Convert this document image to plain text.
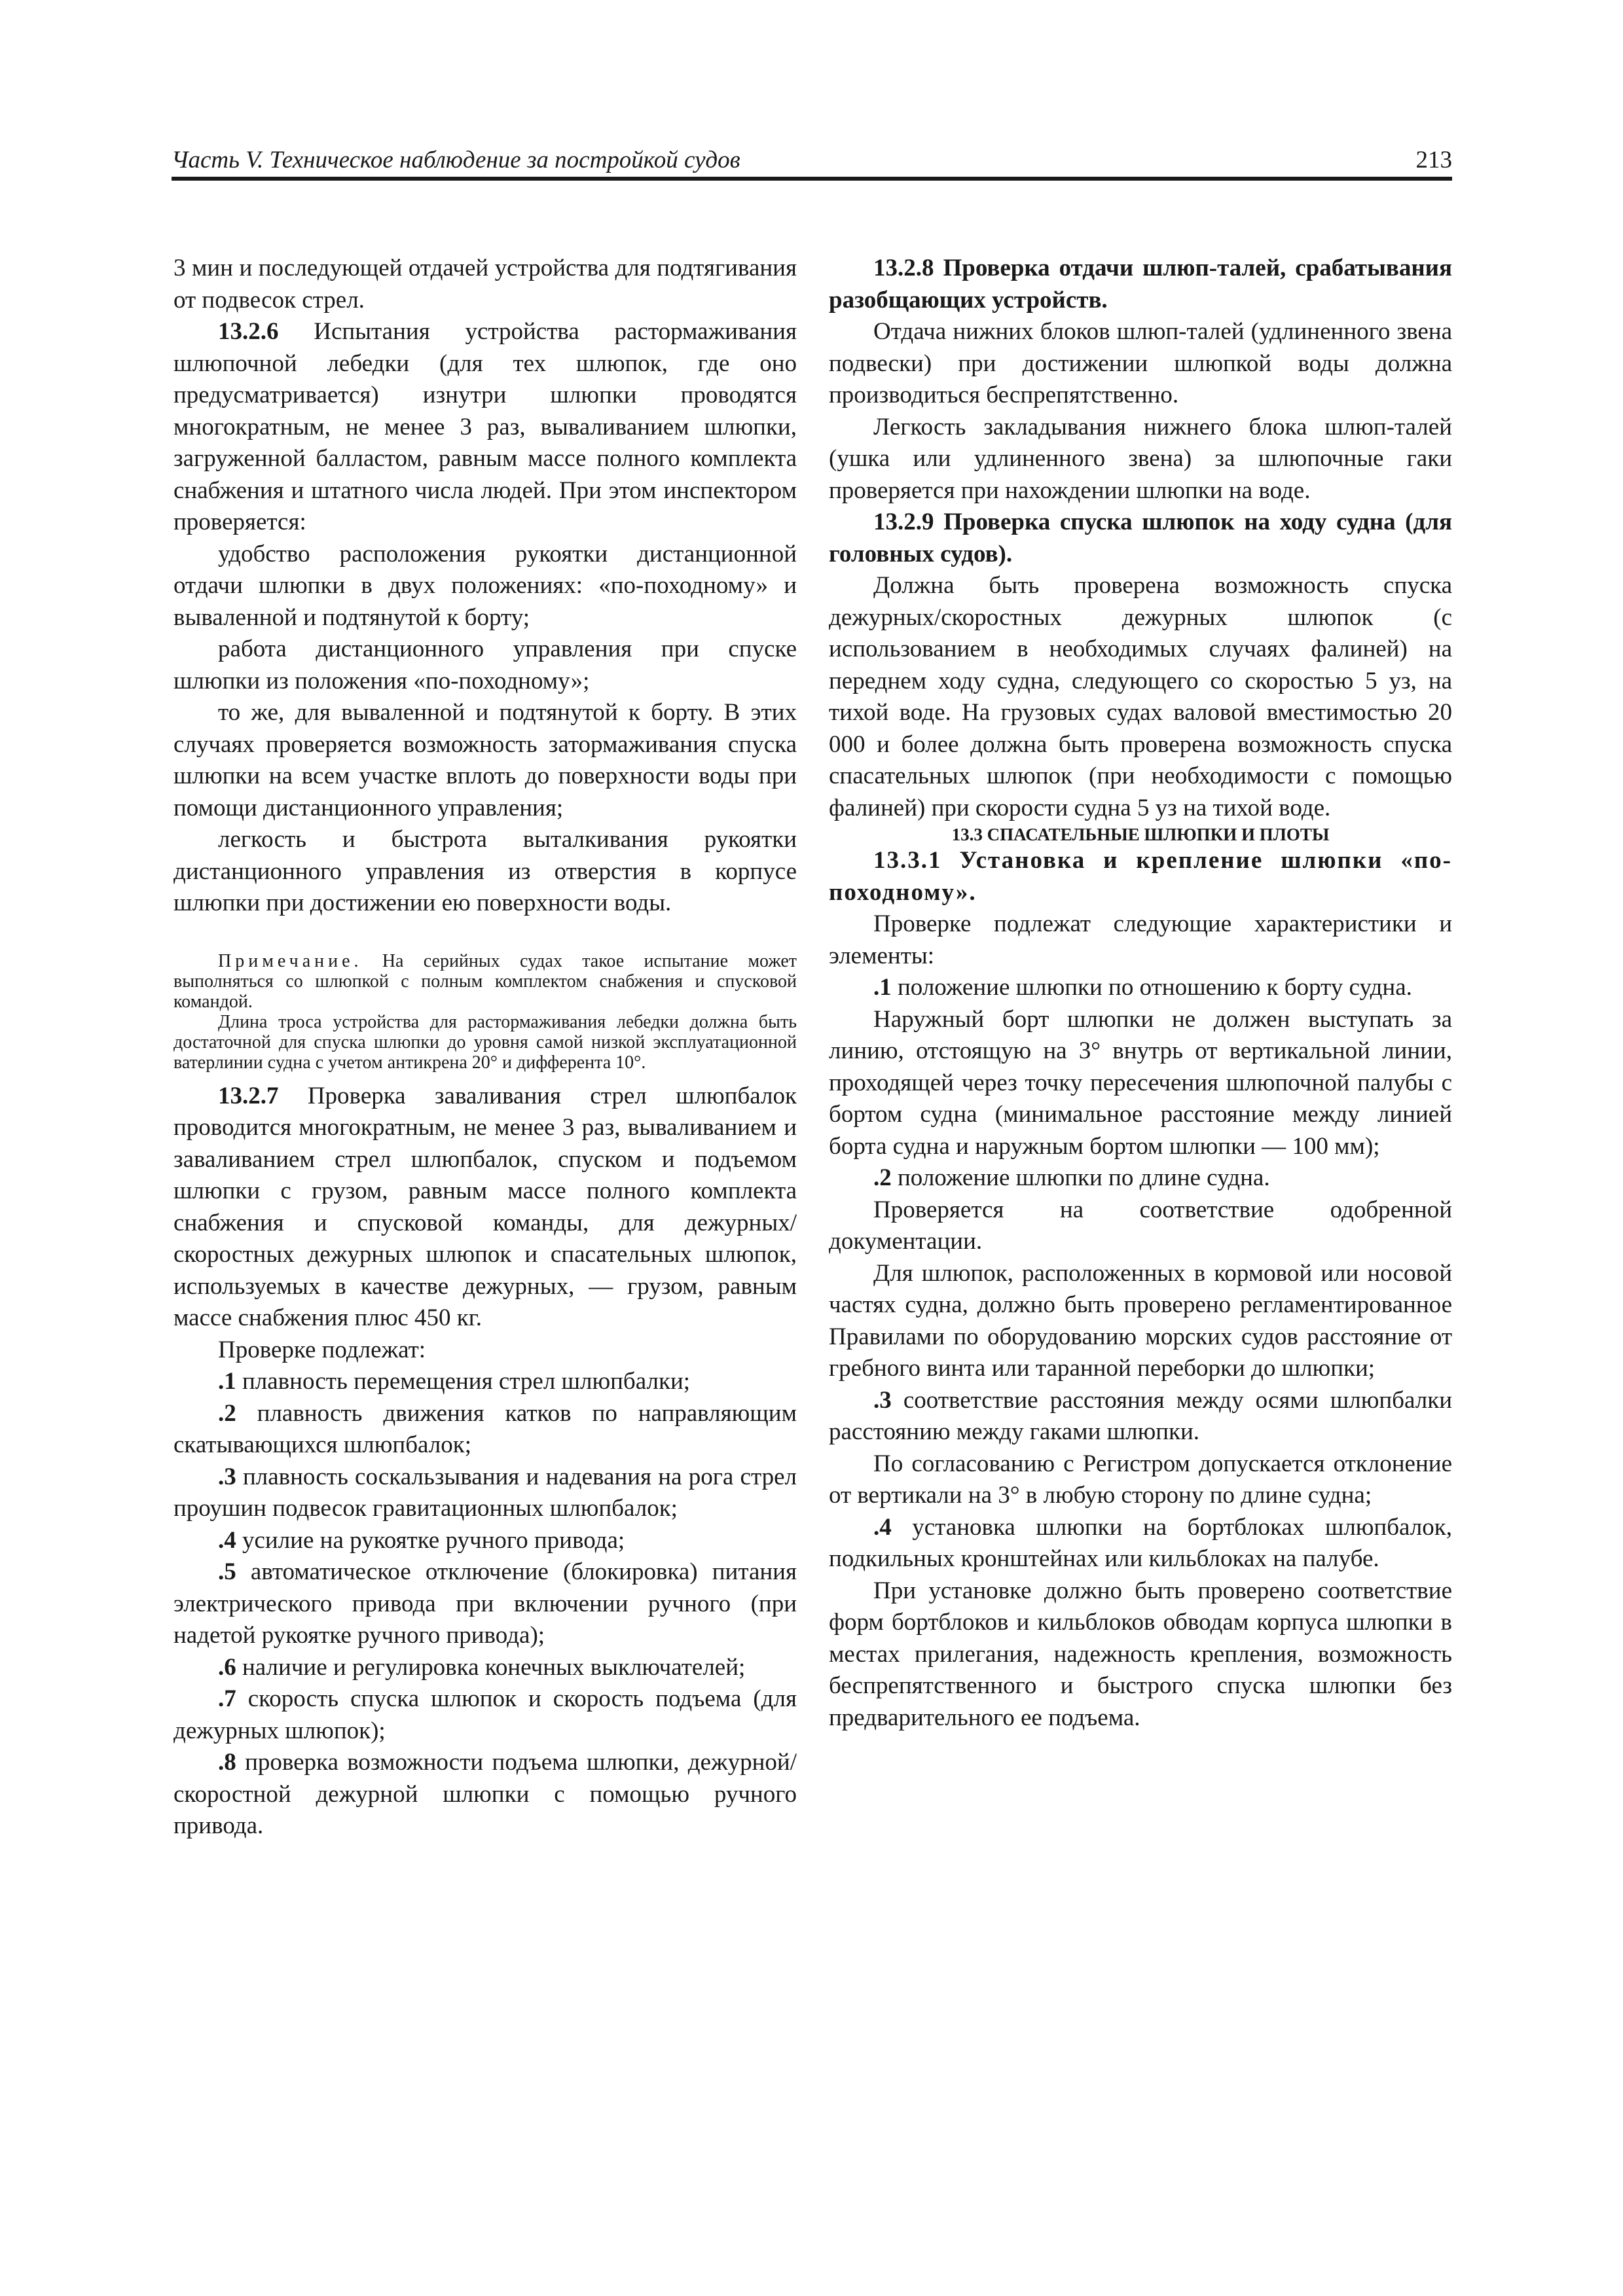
Часть V. Техническое наблюдение за постройкой судов	213

3 мин и последующей отдачей устройства для подтягивания от подвесок стрел.

13.2.6 Испытания устройства растормаживания шлюпочной лебедки (для тех шлюпок, где оно предусматривается) изнутри шлюпки проводятся многократным, не менее 3 раз, вываливанием шлюпки, загруженной балластом, равным массе полного комплекта снабжения и штатного числа людей. При этом инспектором проверяется:

удобство расположения рукоятки дистанционной отдачи шлюпки в двух положениях: «по-походному» и вываленной и подтянутой к борту;

работа дистанционного управления при спуске шлюпки из положения «по-походному»;

то же, для вываленной и подтянутой к борту. В этих случаях проверяется возможность затормаживания спуска шлюпки на всем участке вплоть до поверхности воды при помощи дистанционного управления;

легкость и быстрота выталкивания рукоятки дистанционного управления из отверстия в корпусе шлюпки при достижении ею поверхности воды.

Примечание. На серийных судах такое испытание может выполняться со шлюпкой с полным комплектом снабжения и спусковой командой.

Длина троса устройства для растормаживания лебедки должна быть достаточной для спуска шлюпки до уровня самой низкой эксплуатационной ватерлинии судна с учетом антикрена 20° и дифферента 10°.

13.2.7 Проверка заваливания стрел шлюпбалок проводится многократным, не менее 3 раз, вываливанием и заваливанием стрел шлюпбалок, спуском и подъемом шлюпки с грузом, равным массе полного комплекта снабжения и спусковой команды, для дежурных/скоростных дежурных шлюпок и спасательных шлюпок, используемых в качестве дежурных, — грузом, равным массе снабжения плюс 450 кг.

Проверке подлежат:

.1 плавность перемещения стрел шлюпбалки;

.2 плавность движения катков по направляющим скатывающихся шлюпбалок;

.3 плавность соскальзывания и надевания на рога стрел проушин подвесок гравитационных шлюпбалок;

.4 усилие на рукоятке ручного привода;

.5 автоматическое отключение (блокировка) питания электрического привода при включении ручного (при надетой рукоятке ручного привода);

.6 наличие и регулировка конечных выключателей;

.7 скорость спуска шлюпок и скорость подъема (для дежурных шлюпок);

.8 проверка возможности подъема шлюпки, дежурной/скоростной дежурной шлюпки с помощью ручного привода.

13.2.8 Проверка отдачи шлюп-талей, срабатывания разобщающих устройств.

Отдача нижних блоков шлюп-талей (удлиненного звена подвески) при достижении шлюпкой воды должна производиться беспрепятственно.

Легкость закладывания нижнего блока шлюп-талей (ушка или удлиненного звена) за шлюпочные гаки проверяется при нахождении шлюпки на воде.

13.2.9 Проверка спуска шлюпок на ходу судна (для головных судов).

Должна быть проверена возможность спуска дежурных/скоростных дежурных шлюпок (с использованием в необходимых случаях фалиней) на переднем ходу судна, следующего со скоростью 5 уз, на тихой воде. На грузовых судах валовой вместимостью 20 000 и более должна быть проверена возможность спуска спасательных шлюпок (при необходимости с помощью фалиней) при скорости судна 5 уз на тихой воде.

13.3 СПАСАТЕЛЬНЫЕ ШЛЮПКИ И ПЛОТЫ

13.3.1 Установка и крепление шлюпки «по-походному».

Проверке подлежат следующие характеристики и элементы:

.1 положение шлюпки по отношению к борту судна.

Наружный борт шлюпки не должен выступать за линию, отстоящую на 3° внутрь от вертикальной линии, проходящей через точку пересечения шлюпочной палубы с бортом судна (минимальное расстояние между линией борта судна и наружным бортом шлюпки — 100 мм);

.2 положение шлюпки по длине судна.

Проверяется на соответствие одобренной документации.

Для шлюпок, расположенных в кормовой или носовой частях судна, должно быть проверено регламентированное Правилами по оборудованию морских судов расстояние от гребного винта или таранной переборки до шлюпки;

.3 соответствие расстояния между осями шлюпбалки расстоянию между гаками шлюпки.

По согласованию с Регистром допускается отклонение от вертикали на 3° в любую сторону по длине судна;

.4 установка шлюпки на бортблоках шлюпбалок, подкильных кронштейнах или кильблоках на палубе.

При установке должно быть проверено соответствие форм бортблоков и кильблоков обводам корпуса шлюпки в местах прилегания, надежность крепления, возможность беспрепятственного и быстрого спуска шлюпки без предварительного ее подъема.
